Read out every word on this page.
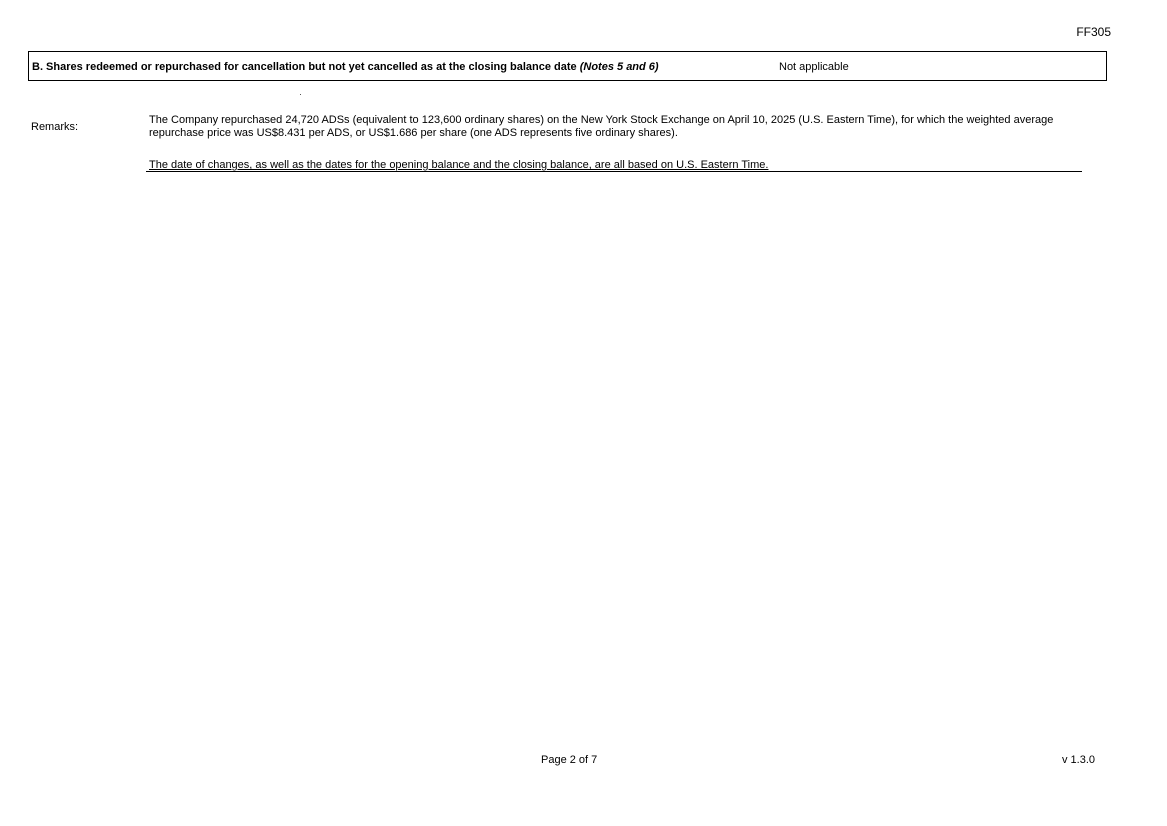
FF305
B. Shares redeemed or repurchased for cancellation but not yet cancelled as at the closing balance date (Notes 5 and 6)	Not applicable
Remarks:
The Company repurchased 24,720 ADSs (equivalent to 123,600 ordinary shares) on the New York Stock Exchange on April 10, 2025 (U.S. Eastern Time), for which the weighted average repurchase price was US$8.431 per ADS, or US$1.686 per share (one ADS represents five ordinary shares).
The date of changes, as well as the dates for the opening balance and the closing balance, are all based on U.S. Eastern Time.
Page 2 of 7	v 1.3.0
